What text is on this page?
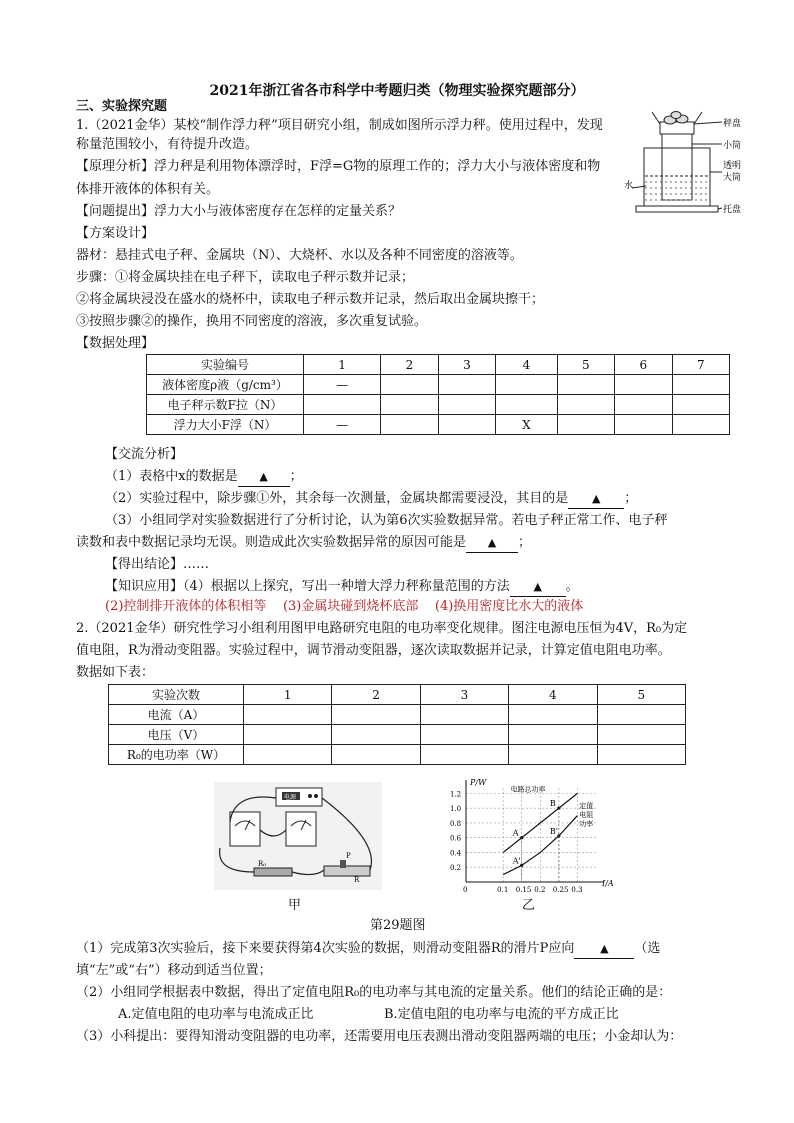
2021年浙江省各市科学中考题归类（物理实验探究题部分）
三、实验探究题
1.（2021金华）某校“制作浮力秤”项目研究小组，制成如图所示浮力秤。使用过程中，发现
称量范围较小，有待提升改造。
【原理分析】浮力秤是利用物体漂浮时，F浮=G物的原理工作的；浮力大小与液体密度和物
体排开液体的体积有关。
【问题提出】浮力大小与液体密度存在怎样的定量关系？
【方案设计】
器材：悬挂式电子秤、金属块（N）、大烧杯、水以及各种不同密度的溶液等。
步骤：①将金属块挂在电子秤下，读取电子秤示数并记录；
②将金属块浸没在盛水的烧杯中，读取电子秤示数并记录，然后取出金属块擦干；
③按照步骤②的操作，换用不同密度的溶液，多次重复试验。
【数据处理】
秤盘
小筒
透明
大筒
水
托盘
实验编号	1	2	3	4	5	6	7
液体密度ρ液（g/cm³）	—						
电子秤示数F拉（N）							
浮力大小F浮（N）	—			X			
【交流分析】
（1）表格中x的数据是 ▲ ；
（2）实验过程中，除步骤①外，其余每一次测量，金属块都需要浸没，其目的是 ▲ ；
（3）小组同学对实验数据进行了分析讨论，认为第6次实验数据异常。若电子秤正常工作、电子秤
读数和表中数据记录均无误。则造成此次实验数据异常的原因可能是 ▲ ；
【得出结论】……
【知识应用】（4）根据以上探究，写出一种增大浮力秤称量范围的方法 ▲ 。
(2)控制排开液体的体积相等    (3)金属块碰到烧杯底部    (4)换用密度比水大的液体
2.（2021金华）研究性学习小组利用图甲电路研究电阻的电功率变化规律。图注电源电压恒为4V，R₀为定
值电阻，R为滑动变阻器。实验过程中，调节滑动变阻器，逐次读取数据并记录，计算定值电阻电功率。
数据如下表：
实验次数	1	2	3	4	5
电流（A）					
电压（V）					
R₀的电功率（W）					
电源
R₀
P
R
甲
I/A
P/W
0	0.1 0.15 0.2 0.25 0.3
0.2
0.4
0.6
0.8
1.0
1.2
A
A'
B
B'
电路总功率
定值
电阻
功率
乙
第29题图
（1）完成第3次实验后，接下来要获得第4次实验的数据，则滑动变阻器R的滑片P应向 ▲ （选
填“左”或“右”）移动到适当位置；
（2）小组同学根据表中数据，得出了定值电阻R₀的电功率与其电流的定量关系。他们的结论正确的是：
A.定值电阻的电功率与电流成正比	B.定值电阻的电功率与电流的平方成正比
（3）小科提出：要得知滑动变阻器的电功率，还需要用电压表测出滑动变阻器两端的电压；小金却认为：
